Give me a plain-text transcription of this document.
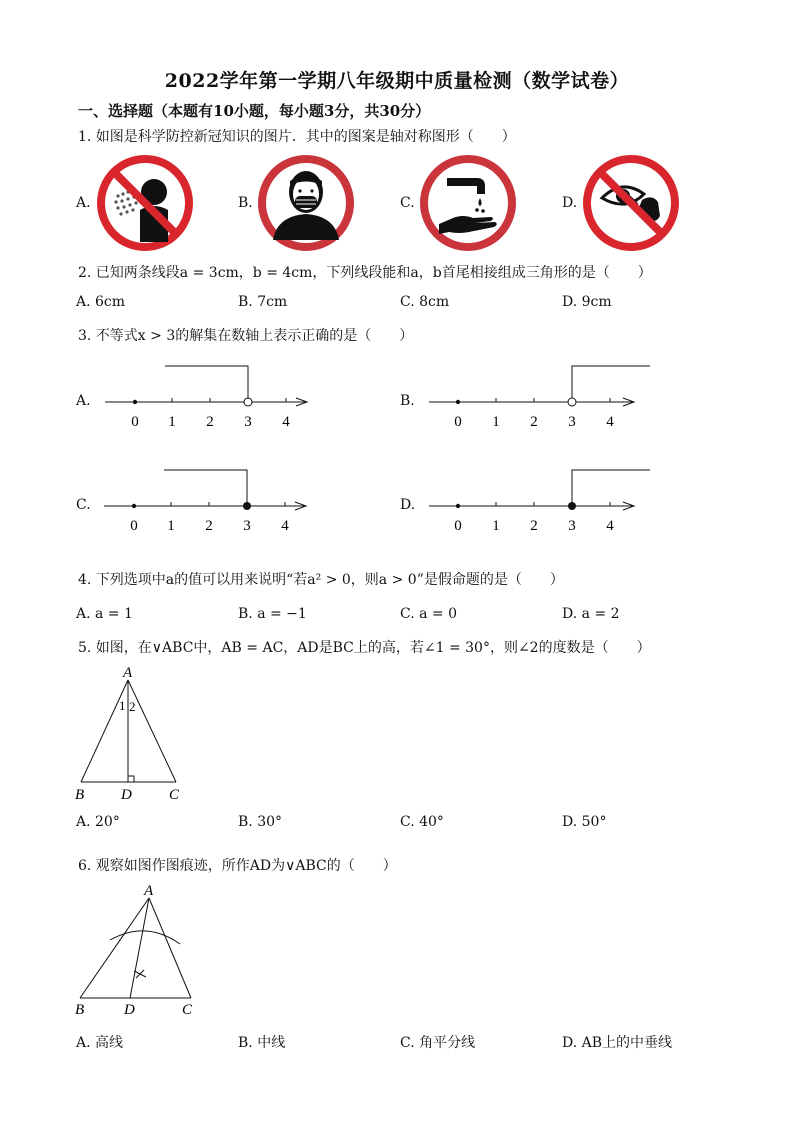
2022学年第一学期八年级期中质量检测（数学试卷）
一、选择题（本题有10小题，每小题3分，共30分）
1. 如图是科学防控新冠知识的图片．其中的图案是轴对称图形（　　）
A.	B.	C.	D.
2. 已知两条线段a = 3cm，b = 4cm，下列线段能和a，b首尾相接组成三角形的是（　　）
A. 6cm	B. 7cm	C. 8cm	D. 9cm
3. 不等式x > 3的解集在数轴上表示正确的是（　　）
A.	B.
C.	D.
0 1 2 3 4	0 1 2 3 4
0 1 2 3 4	0 1 2 3 4
4. 下列选项中a的值可以用来说明“若a² > 0，则a > 0”是假命题的是（　　）
A. a = 1	B. a = −1	C. a = 0	D. a = 2
5. 如图，在∨ABC中，AB = AC，AD是BC上的高，若∠1 = 30°，则∠2的度数是（　　）
A
B D C
1 2
A. 20°	B. 30°	C. 40°	D. 50°
6. 观察如图作图痕迹，所作AD为∨ABC的（　　）
A
B	D	C
A. 高线	B. 中线	C. 角平分线	D. AB上的中垂线
